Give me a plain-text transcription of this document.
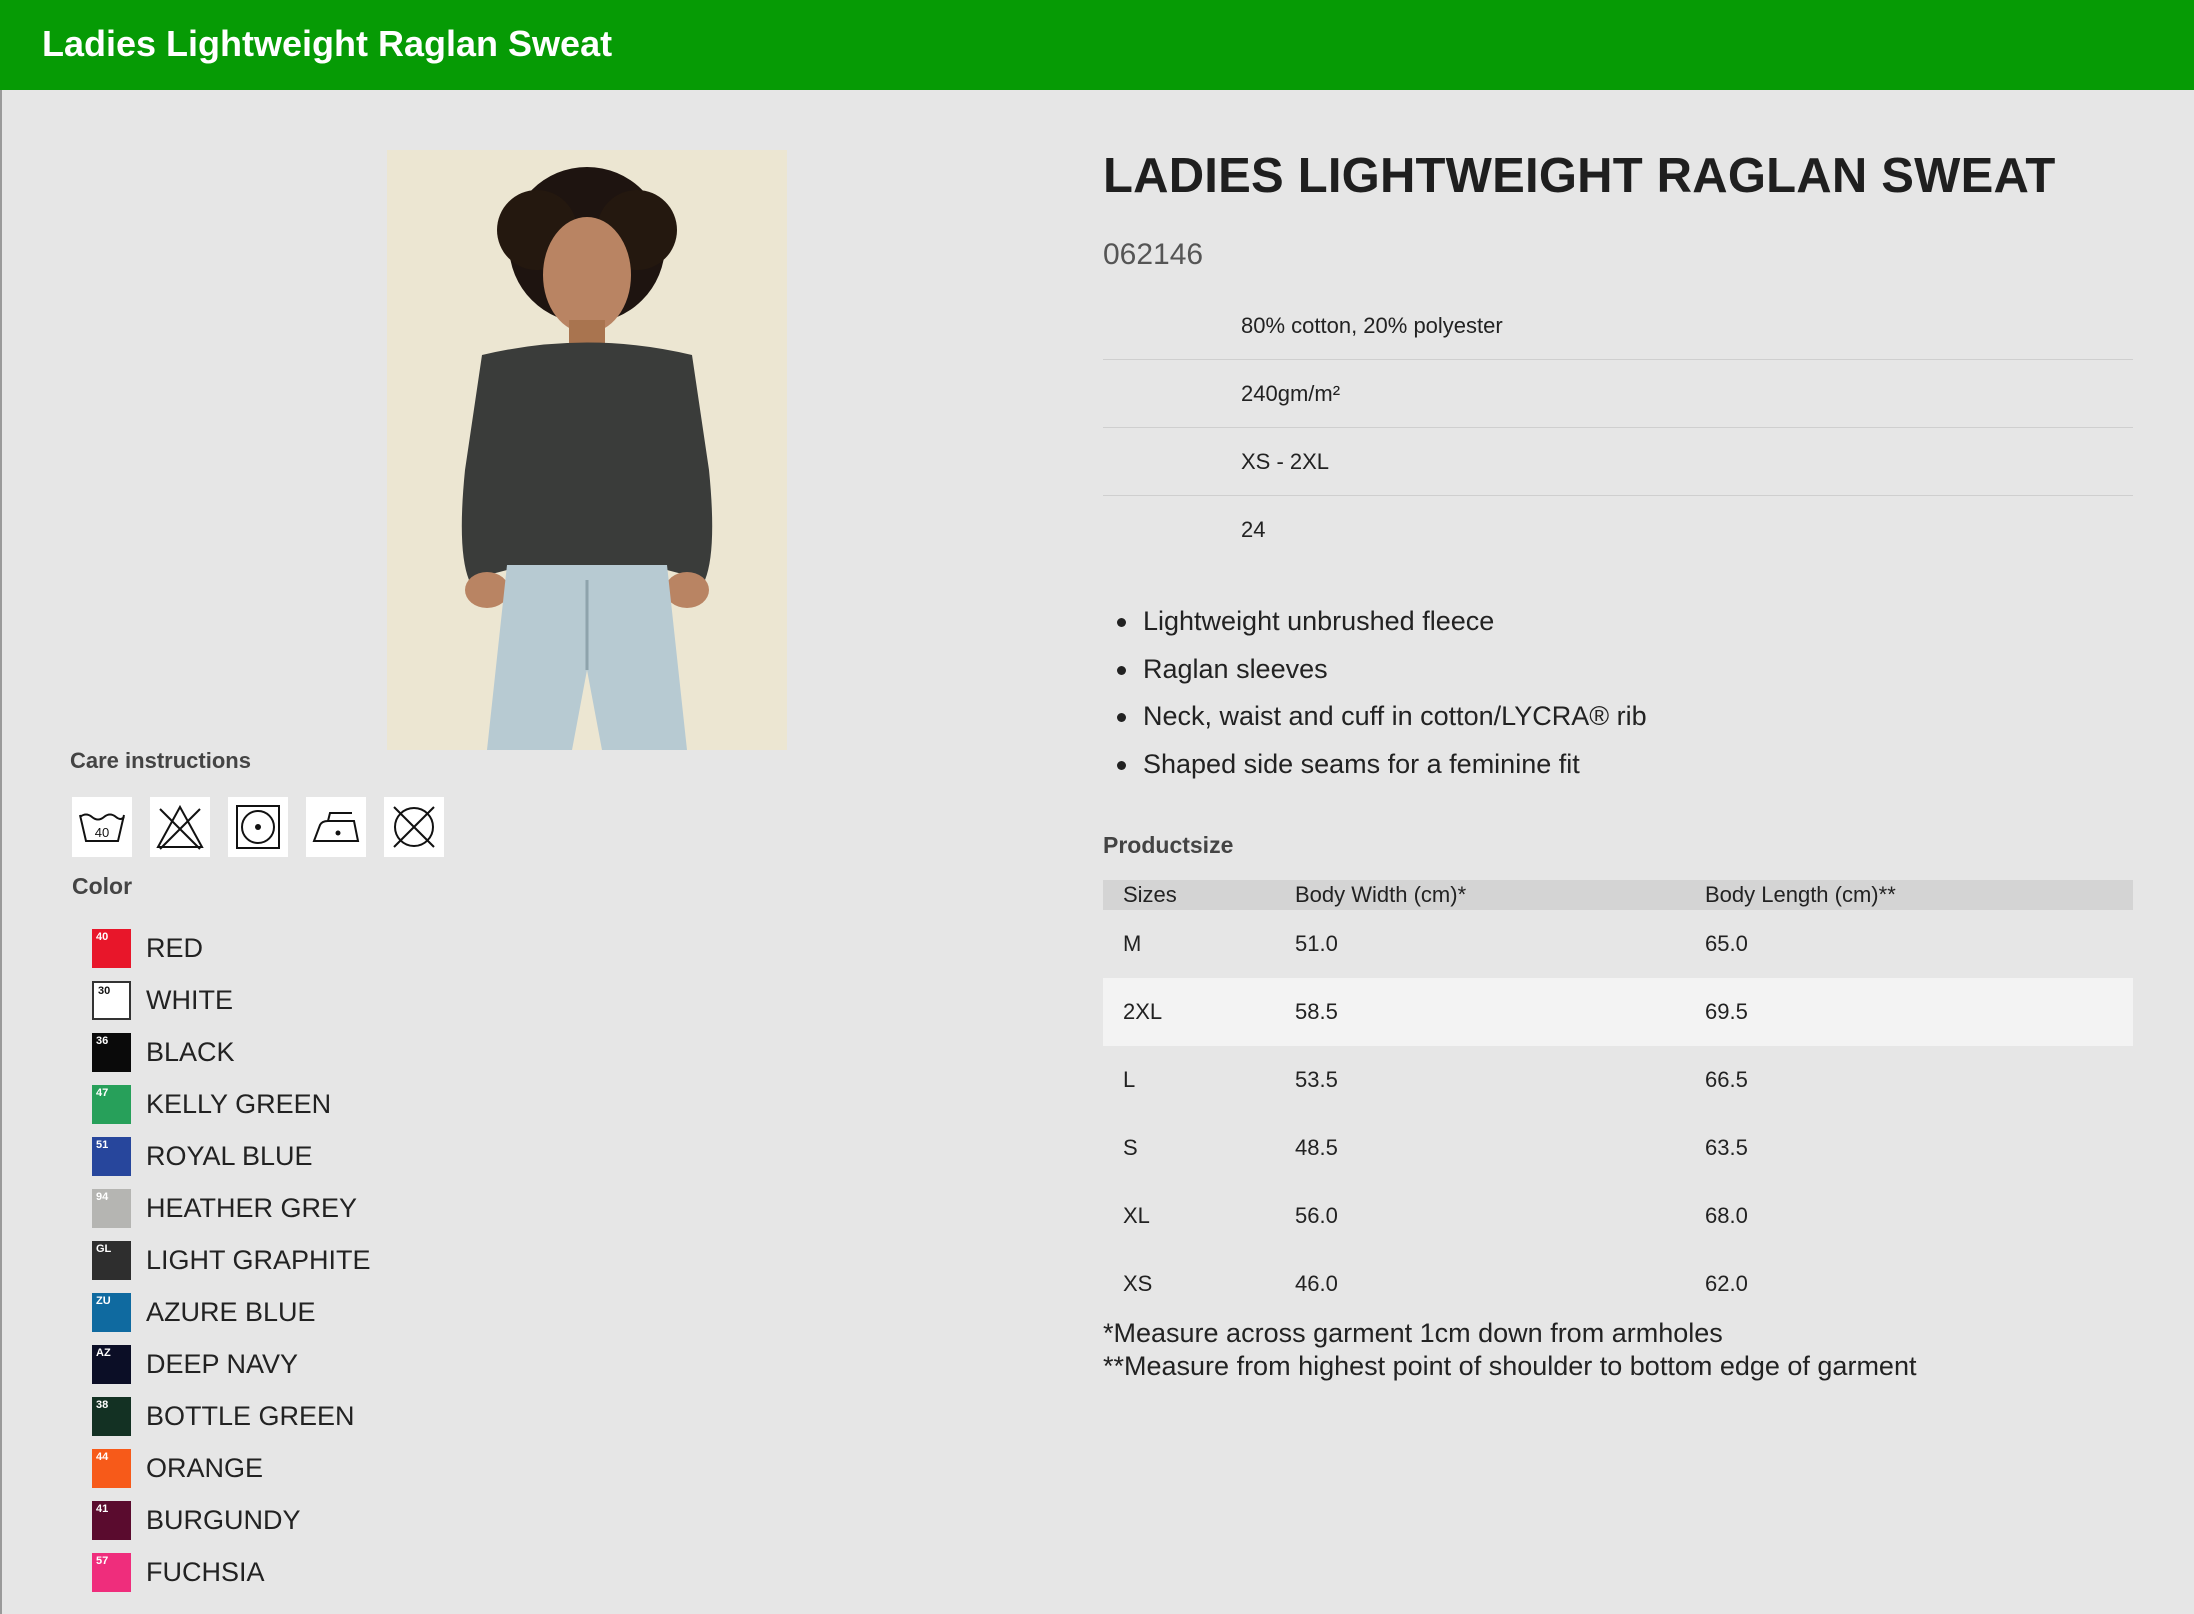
Ladies Lightweight Raglan Sweat
Care instructions
40
Color
40 RED
30 WHITE
36 BLACK
47 KELLY GREEN
51 ROYAL BLUE
94 HEATHER GREY
GL LIGHT GRAPHITE
ZU AZURE BLUE
AZ DEEP NAVY
38 BOTTLE GREEN
44 ORANGE
41 BURGUNDY
57 FUCHSIA
LADIES LIGHTWEIGHT RAGLAN SWEAT
062146
80% cotton, 20% polyester
240gm/m²
XS - 2XL
24
Lightweight unbrushed fleece
Raglan sleeves
Neck, waist and cuff in cotton/LYCRA® rib
Shaped side seams for a feminine fit
Productsize
Sizes	Body Width (cm)*	Body Length (cm)**
M	51.0	65.0
2XL	58.5	69.5
L	53.5	66.5
S	48.5	63.5
XL	56.0	68.0
XS	46.0	62.0
*Measure across garment 1cm down from armholes
**Measure from highest point of shoulder to bottom edge of garment
